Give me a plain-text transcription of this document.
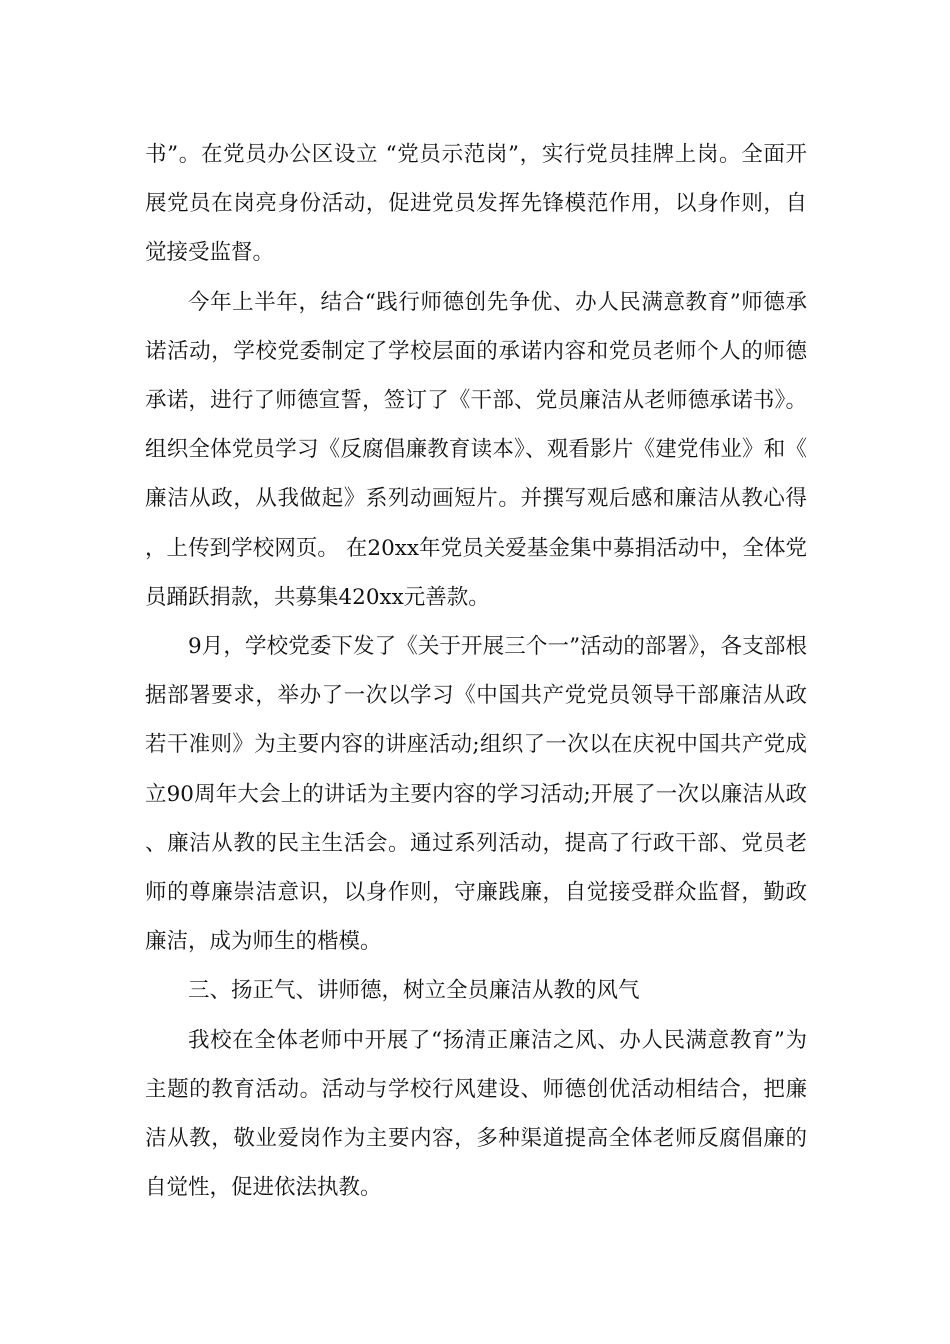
书”。在党员办公区设立 “党员示范岗”，实行党员挂牌上岗。全面开展党员在岗亮身份活动，促进党员发挥先锋模范作用，以身作则，自觉接受监督。

今年上半年，结合“践行师德创先争优、办人民满意教育”师德承诺活动，学校党委制定了学校层面的承诺内容和党员老师个人的师德承诺，进行了师德宣誓，签订了《干部、党员廉洁从老师德承诺书》。组织全体党员学习《反腐倡廉教育读本》、观看影片《建党伟业》和《廉洁从政，从我做起》系列动画短片。并撰写观后感和廉洁从教心得，上传到学校网页。 在20xx年党员关爱基金集中募捐活动中，全体党员踊跃捐款，共募集420xx元善款。

9月，学校党委下发了《关于开展三个一”活动的部署》，各支部根据部署要求，举办了一次以学习《中国共产党党员领导干部廉洁从政若干准则》为主要内容的讲座活动;组织了一次以在庆祝中国共产党成立90周年大会上的讲话为主要内容的学习活动;开展了一次以廉洁从政、廉洁从教的民主生活会。通过系列活动，提高了行政干部、党员老师的尊廉崇洁意识，以身作则，守廉践廉，自觉接受群众监督，勤政廉洁，成为师生的楷模。

三、扬正气、讲师德，树立全员廉洁从教的风气

我校在全体老师中开展了“扬清正廉洁之风、办人民满意教育”为主题的教育活动。活动与学校行风建设、师德创优活动相结合，把廉洁从教，敬业爱岗作为主要内容，多种渠道提高全体老师反腐倡廉的自觉性，促进依法执教。
